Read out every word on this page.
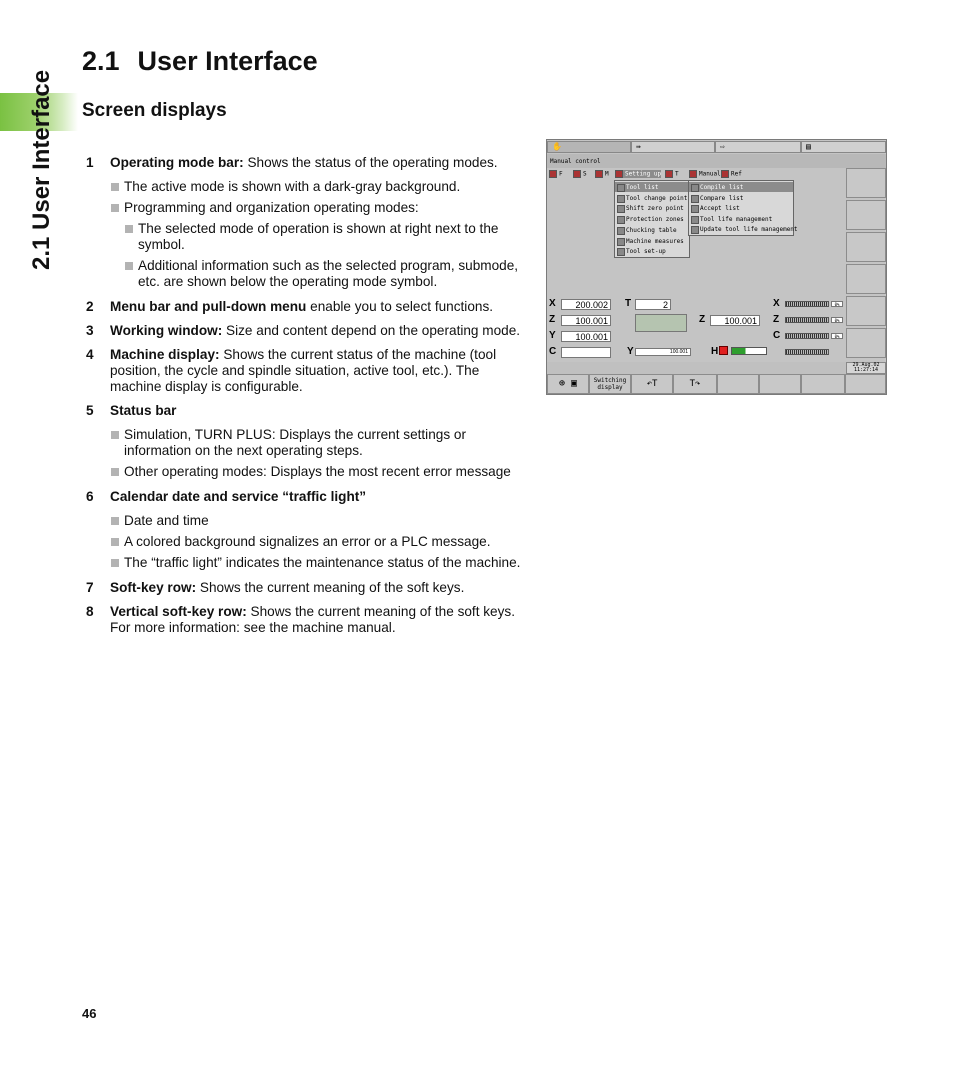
2.1 User Interface
2.1 User Interface
Screen displays
1 Operating mode bar: Shows the status of the operating modes.
The active mode is shown with a dark-gray background.
Programming and organization operating modes:
The selected mode of operation is shown at right next to the symbol.
Additional information such as the selected program, submode, etc. are shown below the operating mode symbol.
2 Menu bar and pull-down menu enable you to select functions.
3 Working window: Size and content depend on the operating mode.
4 Machine display: Shows the current status of the machine (tool position, the cycle and spindle situation, active tool, etc.). The machine display is configurable.
5 Status bar
Simulation, TURN PLUS: Displays the current settings or information on the next operating steps.
Other operating modes: Displays the most recent error message
6 Calendar date and service “traffic light”
Date and time
A colored background signalizes an error or a PLC message.
The “traffic light” indicates the maintenance status of the machine.
7 Soft-key row: Shows the current meaning of the soft keys.
8 Vertical soft-key row: Shows the current meaning of the soft keys. For more information: see the machine manual.
✋	⇛	⇨	▤
Manual control
F	S	M	Setting up	T	Manual	Ref
Tool list
Tool change point
Shift zero point
Protection zones
Chucking table
Machine measures
Tool set-up
Compile list
Compare list
Accept list
Tool life management
Update tool life management
X	200.002
Z	100.001
Y	100.001
C
T	2
Y	100.001
Z	100.001
H
X	0%
Z	0%
C	0%
29.Aug.02
11:27:14
⊕ ▣	Switching display	↶T	T↷
46
